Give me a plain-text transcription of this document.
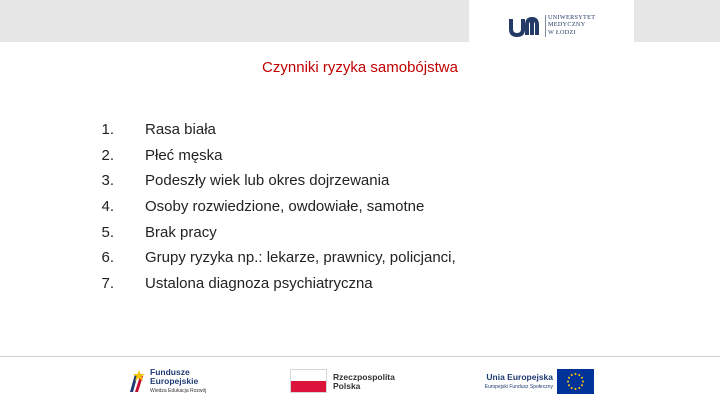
UNIWERSYTET
MEDYCZNY
W ŁODZI
Czynniki ryzyka samobójstwa
1. Rasa biała
2. Płeć męska
3. Podeszły wiek lub okres dojrzewania
4. Osoby rozwiedzione, owdowiałe, samotne
5. Brak pracy
6. Grupy ryzyka np.: lekarze, prawnicy, policjanci,
7. Ustalona diagnoza psychiatryczna
Fundusze
Europejskie
Wiedza Edukacja Rozwój
Rzeczpospolita
Polska
Unia Europejska
Europejski Fundusz Społeczny
